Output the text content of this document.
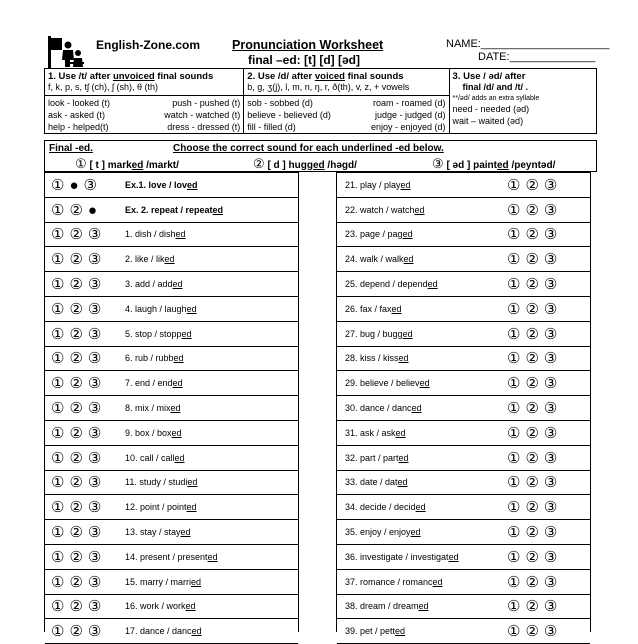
English-Zone.com	Pronunciation Worksheet
final –ed: [t] [d] [əd]
NAME:_____________________
DATE:______________
1. Use /t/ after unvoiced final sounds
f, k, p, s, tʃ (ch), ʃ (sh), θ (th)
look - looked (t)	push - pushed (t)
ask - asked (t)	watch - watched (t)
help - helped(t)	dress - dressed (t)
2. Use /d/ after voiced final sounds
b, g, ʒ(j), l, m, n, ŋ, r, ð(th), v, z, + vowels
sob - sobbed (d)	roam - roamed (d)
believe - believed (d)	judge - judged (d)
fill - filled (d)	enjoy - enjoyed (d)
3. Use / əd/ after
final /d/ and /t/ .
**/əd/ adds an extra syllable
need - needed (əd)
wait – waited (əd)
Final -ed.	Choose the correct sound for each underlined -ed below.
① [ t ] marked /markt/	② [ d ] hugged /həgd/	③ [ əd ] painted /peyntəd/
①●③	Ex.1. love / loved
①②●	Ex. 2. repeat / repeated
①②③	1. dish / dished
①②③	2. like / liked
①②③	3. add / added
①②③	4. laugh / laughed
①②③	5. stop / stopped
①②③	6. rub / rubbed
①②③	7. end / ended
①②③	8. mix / mixed
①②③	9. box / boxed
①②③	10. call / called
①②③	11. study / studied
①②③	12. point / pointed
①②③	13. stay / stayed
①②③	14. present / presented
①②③	15. marry / married
①②③	16. work / worked
①②③	17. dance / danced
21. play / played	①②③
22. watch / watched	①②③
23. page / paged	①②③
24. walk / walked	①②③
25. depend / depended	①②③
26. fax / faxed	①②③
27. bug / bugged	①②③
28. kiss / kissed	①②③
29. believe / believed	①②③
30. dance / danced	①②③
31. ask / asked	①②③
32. part / parted	①②③
33. date / dated	①②③
34. decide / decided	①②③
35. enjoy / enjoyed	①②③
36. investigate / investigated	①②③
37. romance / romanced	①②③
38. dream / dreamed	①②③
39. pet / petted	①②③
